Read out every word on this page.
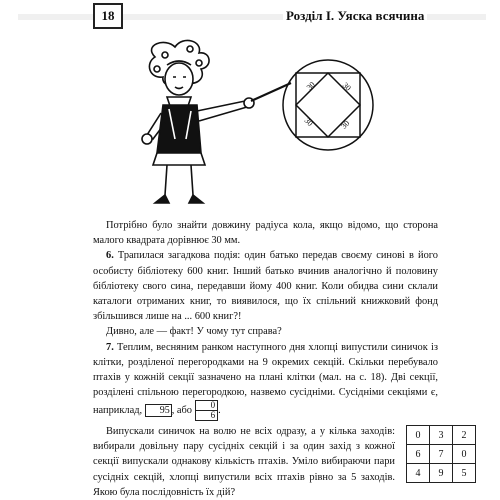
18	Розділ І. Уяска всячина
30	30
30	30

Потрібно було знайти довжину радіуса кола, якщо відомо, що сторона малого квадрата дорівнює 30 мм.

6. Трапилася загадкова подія: один батько передав своєму синові в його особисту бібліотеку 600 книг. Інший батько вчинив аналогічно й половину бібліотеку свого сина, передавши йому 400 книг. Коли обидва сини склали каталоги отриманих книг, то виявилося, що їх спільний книжковий фонд збільшився лише на ... 600 книг?!

Дивно, але — факт! У чому тут справа?

7. Теплим, весняним ранком наступного дня хлопці випустили синичок із клітки, розділеної перегородками на 9 окремих секцій. Скільки перебувало птахів у кожній секції зазначено на плані клітки (мал. на с. 18). Дві секції, розділені спільною перегородкою, назвемо сусідніми. Сусідніми секціями є, наприклад, 95 , або $\frac{0}{6}$ .

Випускали синичок на волю не всіх одразу, а у кілька заходів: вибирали довільну пару сусідніх секцій і за один захід з кожної секції випускали однакову кількість птахів. Уміло вибираючи пари сусідніх секцій, хлопці випустили всіх птахів рівно за 5 заходів. Якою була послідовність їх дій?

0	3	2
6	7	0
4	9	5
